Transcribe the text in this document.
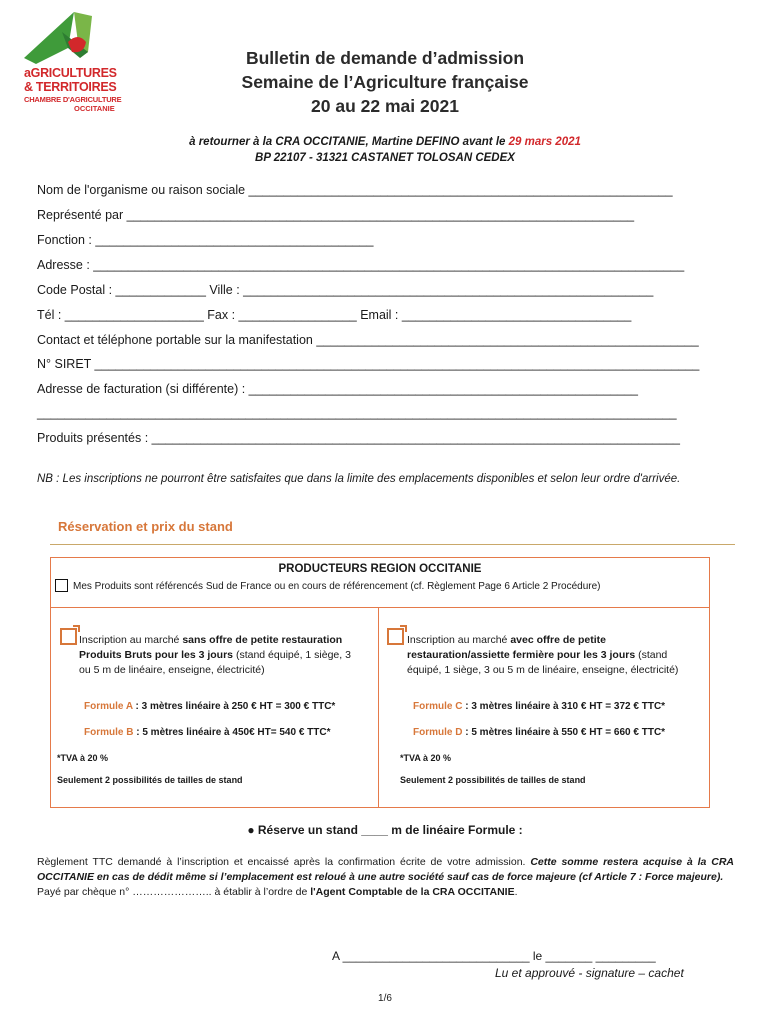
aGRICULTURES
& TERRITOIRES
CHAMBRE D'AGRICULTURE
OCCITANIE
Bulletin de demande d’admission
Semaine de l’Agriculture française
20 au 22 mai 2021
à retourner à la CRA OCCITANIE, Martine DEFINO avant le 29 mars 2021
BP 22107 - 31321 CASTANET TOLOSAN CEDEX
Nom de l'organisme ou raison sociale _____________________________________________________________
Représenté par _________________________________________________________________________
Fonction : ________________________________________
Adresse : _____________________________________________________________________________________
Code Postal : _____________ Ville : ___________________________________________________________
Tél : ____________________ Fax : _________________ Email : _________________________________
Contact et téléphone portable sur la manifestation _______________________________________________________
N° SIRET _______________________________________________________________________________________
Adresse de facturation (si différente) : ________________________________________________________
____________________________________________________________________________________________
Produits présentés : ____________________________________________________________________________
NB : Les inscriptions ne pourront être satisfaites que dans la limite des emplacements disponibles et selon leur ordre d'arrivée.
Réservation et prix du stand
PRODUCTEURS REGION OCCITANIE
Mes Produits sont référencés Sud de France ou en cours de référencement (cf. Règlement Page 6 Article 2 Procédure)
Inscription au marché sans offre de petite restauration Produits Bruts pour les 3 jours (stand équipé, 1 siège, 3 ou 5 m de linéaire, enseigne, électricité)
Formule A : 3 mètres linéaire à 250 € HT = 300 € TTC*
Formule B : 5 mètres linéaire à 450€ HT= 540 € TTC*
*TVA à 20 %
Seulement 2 possibilités de tailles de stand
Inscription au marché avec offre de petite restauration/assiette fermière pour les 3 jours (stand équipé, 1 siège, 3 ou 5 m de linéaire, enseigne, électricité)
Formule C : 3 mètres linéaire à 310 € HT = 372 € TTC*
Formule D : 5 mètres linéaire à 550 € HT = 660 € TTC*
*TVA à 20 %
Seulement 2 possibilités de tailles de stand
● Réserve un stand ____ m de linéaire Formule :
Règlement TTC demandé à l’inscription et encaissé après la confirmation écrite de votre admission. Cette somme restera acquise à la CRA OCCITANIE en cas de dédit même si l’emplacement est reloué à une autre société sauf cas de force majeure (cf Article 7 : Force majeure).
Payé par chèque n° ………………….. à établir à l’ordre de l'Agent Comptable de la CRA OCCITANIE.
A ____________________________ le _______ _________
Lu et approuvé - signature – cachet
1/6
